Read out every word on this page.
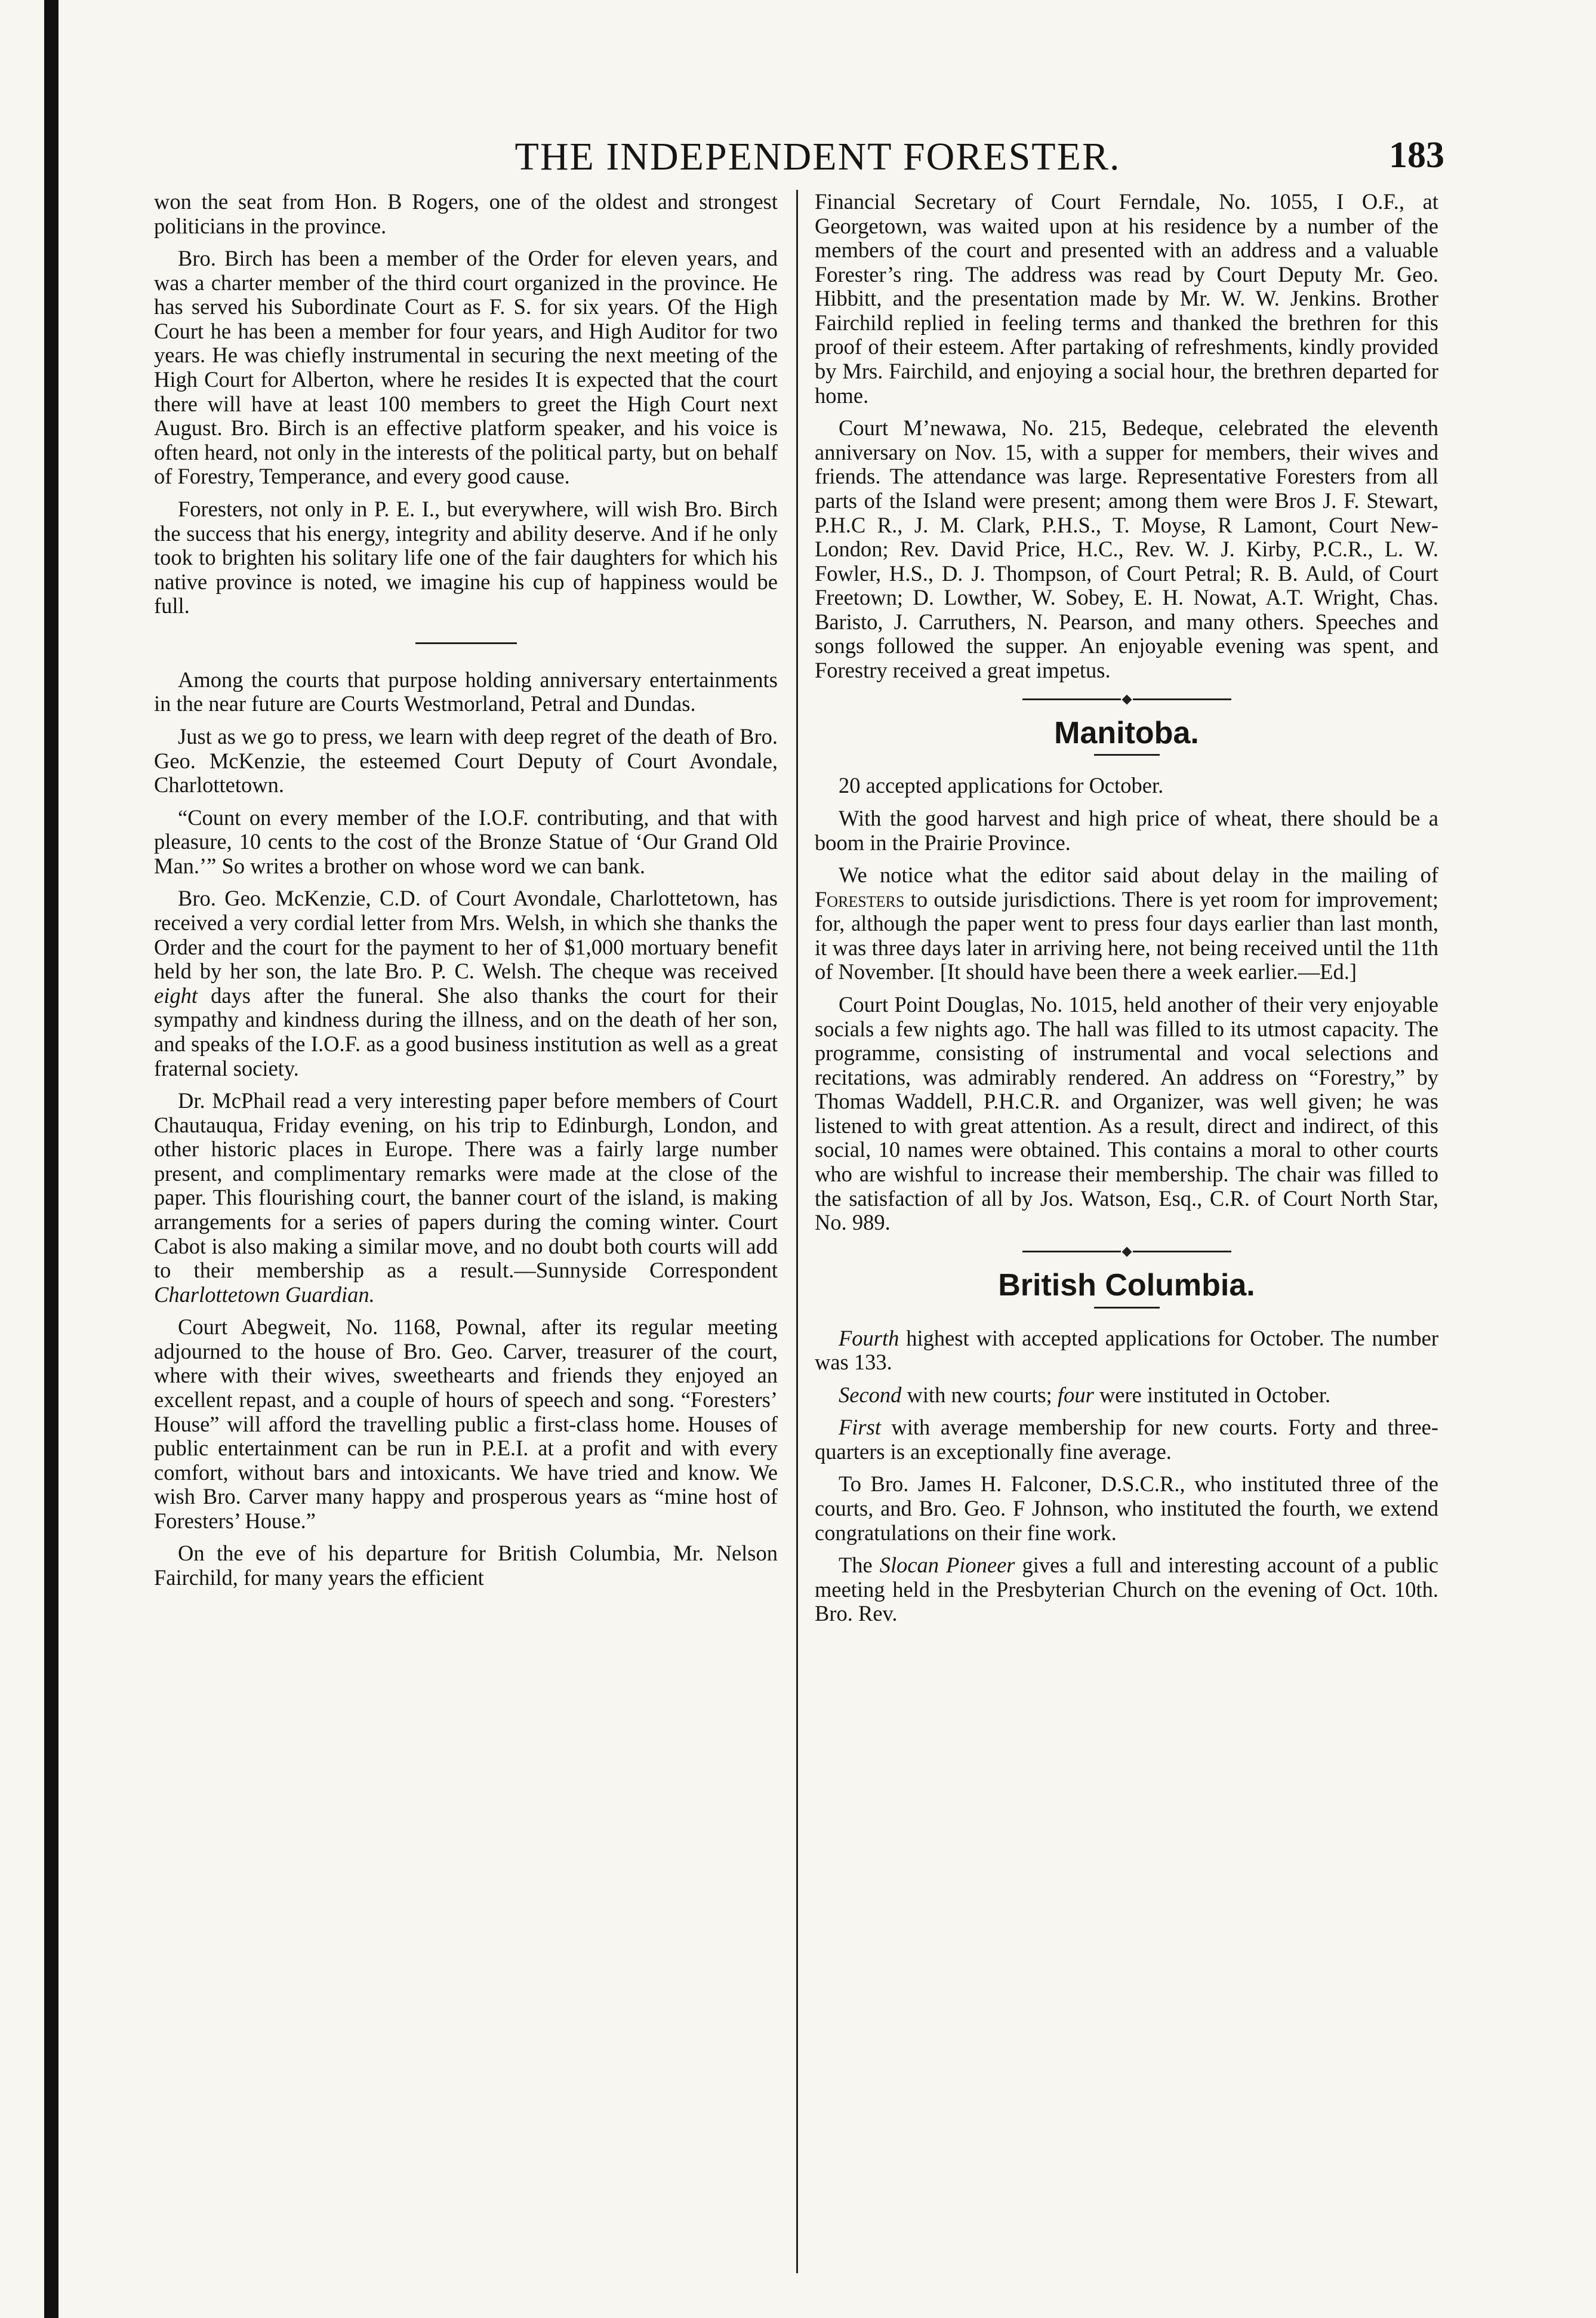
THE INDEPENDENT FORESTER.	183

won the seat from Hon. B Rogers, one of the oldest and strongest politicians in the province.

Bro. Birch has been a member of the Order for eleven years, and was a charter member of the third court organized in the province. He has served his Subordinate Court as F. S. for six years. Of the High Court he has been a member for four years, and High Auditor for two years. He was chiefly instrumental in securing the next meeting of the High Court for Alberton, where he resides It is expected that the court there will have at least 100 members to greet the High Court next August. Bro. Birch is an effective platform speaker, and his voice is often heard, not only in the interests of the political party, but on behalf of Forestry, Temperance, and every good cause.

Foresters, not only in P. E. I., but everywhere, will wish Bro. Birch the success that his energy, integrity and ability deserve. And if he only took to brighten his solitary life one of the fair daughters for which his native province is noted, we imagine his cup of happiness would be full.

Among the courts that purpose holding anniversary entertainments in the near future are Courts Westmorland, Petral and Dundas.

Just as we go to press, we learn with deep regret of the death of Bro. Geo. McKenzie, the esteemed Court Deputy of Court Avondale, Charlottetown.

“Count on every member of the I.O.F. contributing, and that with pleasure, 10 cents to the cost of the Bronze Statue of ‘Our Grand Old Man.’” So writes a brother on whose word we can bank.

Bro. Geo. McKenzie, C.D. of Court Avondale, Charlottetown, has received a very cordial letter from Mrs. Welsh, in which she thanks the Order and the court for the payment to her of $1,000 mortuary benefit held by her son, the late Bro. P. C. Welsh. The cheque was received eight days after the funeral. She also thanks the court for their sympathy and kindness during the illness, and on the death of her son, and speaks of the I.O.F. as a good business institution as well as a great fraternal society.

Dr. McPhail read a very interesting paper before members of Court Chautauqua, Friday evening, on his trip to Edinburgh, London, and other historic places in Europe. There was a fairly large number present, and complimentary remarks were made at the close of the paper. This flourishing court, the banner court of the island, is making arrangements for a series of papers during the coming winter. Court Cabot is also making a similar move, and no doubt both courts will add to their membership as a result.—Sunnyside Correspondent Charlottetown Guardian.

Court Abegweit, No. 1168, Pownal, after its regular meeting adjourned to the house of Bro. Geo. Carver, treasurer of the court, where with their wives, sweethearts and friends they enjoyed an excellent repast, and a couple of hours of speech and song. “Foresters’ House” will afford the travelling public a first-class home. Houses of public entertainment can be run in P.E.I. at a profit and with every comfort, without bars and intoxicants. We have tried and know. We wish Bro. Carver many happy and prosperous years as “mine host of Foresters’ House.”

On the eve of his departure for British Columbia, Mr. Nelson Fairchild, for many years the efficient

Financial Secretary of Court Ferndale, No. 1055, I O.F., at Georgetown, was waited upon at his residence by a number of the members of the court and presented with an address and a valuable Forester’s ring. The address was read by Court Deputy Mr. Geo. Hibbitt, and the presentation made by Mr. W. W. Jenkins. Brother Fairchild replied in feeling terms and thanked the brethren for this proof of their esteem. After partaking of refreshments, kindly provided by Mrs. Fairchild, and enjoying a social hour, the brethren departed for home.

Court M’newawa, No. 215, Bedeque, celebrated the eleventh anniversary on Nov. 15, with a supper for members, their wives and friends. The attendance was large. Representative Foresters from all parts of the Island were present; among them were Bros J. F. Stewart, P.H.C R., J. M. Clark, P.H.S., T. Moyse, R Lamont, Court New-London; Rev. David Price, H.C., Rev. W. J. Kirby, P.C.R., L. W. Fowler, H.S., D. J. Thompson, of Court Petral; R. B. Auld, of Court Freetown; D. Lowther, W. Sobey, E. H. Nowat, A.T. Wright, Chas. Baristo, J. Carruthers, N. Pearson, and many others. Speeches and songs followed the supper. An enjoyable evening was spent, and Forestry received a great impetus.

Manitoba.

20 accepted applications for October.

With the good harvest and high price of wheat, there should be a boom in the Prairie Province.

We notice what the editor said about delay in the mailing of Foresters to outside jurisdictions. There is yet room for improvement; for, although the paper went to press four days earlier than last month, it was three days later in arriving here, not being received until the 11th of November. [It should have been there a week earlier.—Ed.]

Court Point Douglas, No. 1015, held another of their very enjoyable socials a few nights ago. The hall was filled to its utmost capacity. The programme, consisting of instrumental and vocal selections and recitations, was admirably rendered. An address on “Forestry,” by Thomas Waddell, P.H.C.R. and Organizer, was well given; he was listened to with great attention. As a result, direct and indirect, of this social, 10 names were obtained. This contains a moral to other courts who are wishful to increase their membership. The chair was filled to the satisfaction of all by Jos. Watson, Esq., C.R. of Court North Star, No. 989.

British Columbia.

Fourth highest with accepted applications for October. The number was 133.

Second with new courts; four were instituted in October.

First with average membership for new courts. Forty and three-quarters is an exceptionally fine average.

To Bro. James H. Falconer, D.S.C.R., who instituted three of the courts, and Bro. Geo. F Johnson, who instituted the fourth, we extend congratulations on their fine work.

The Slocan Pioneer gives a full and interesting account of a public meeting held in the Presbyterian Church on the evening of Oct. 10th. Bro. Rev.
